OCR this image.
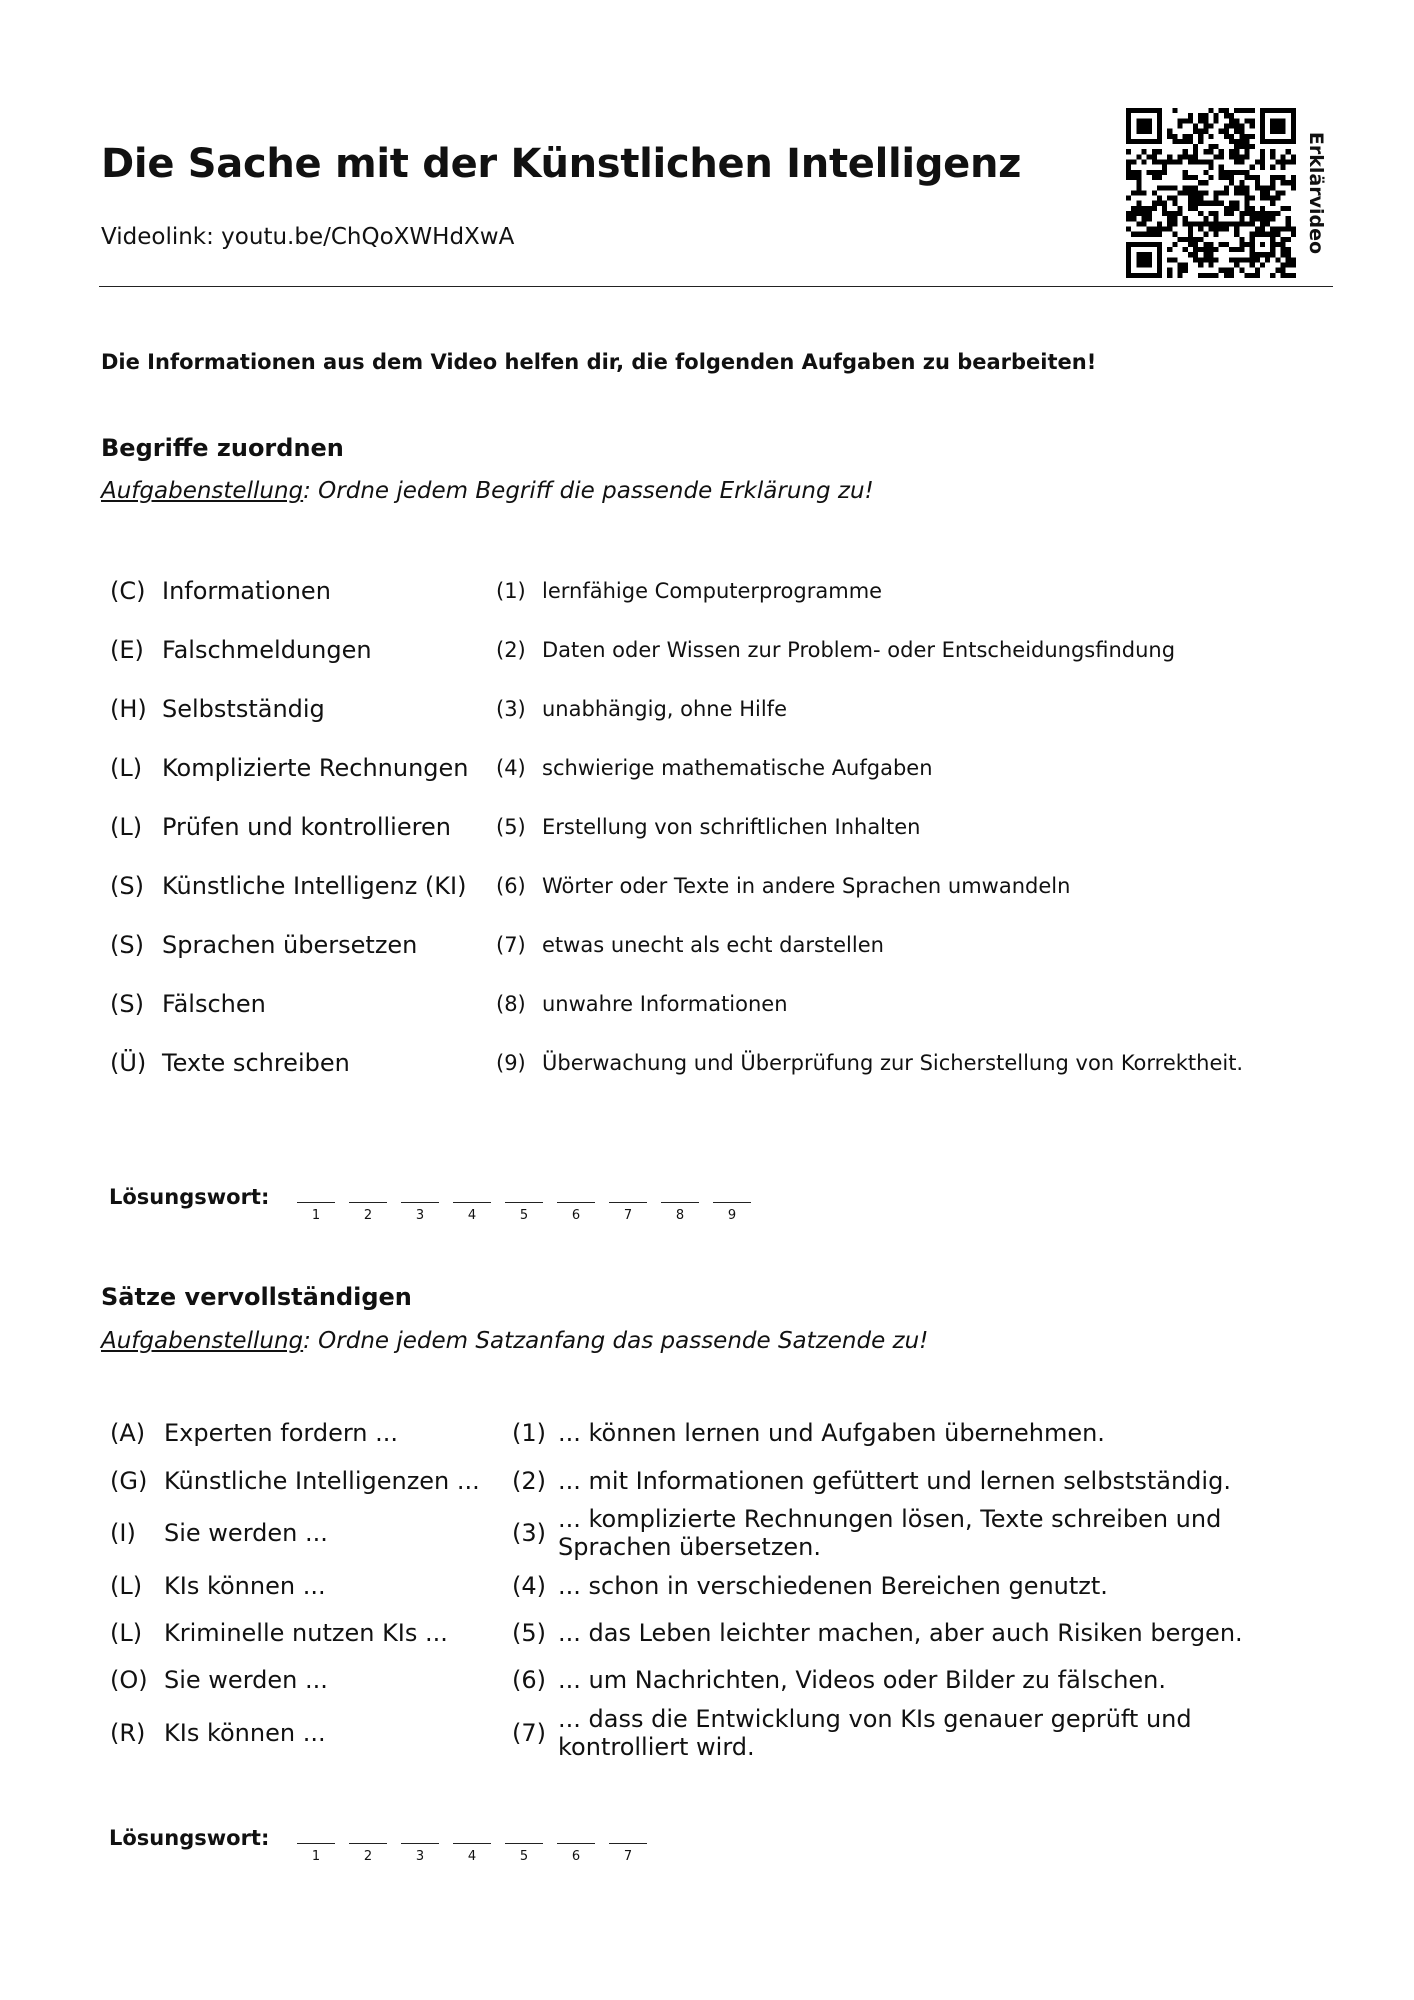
Die Sache mit der Künstlichen Intelligenz
Videolink: youtu.be/ChQoXWHdXwA	Erklärvideo
Die Informationen aus dem Video helfen dir, die folgenden Aufgaben zu bearbeiten!
Begriffe zuordnen
Aufgabenstellung: Ordne jedem Begriff die passende Erklärung zu!
(C) Informationen	(1) lernfähige Computerprogramme
(E) Falschmeldungen	(2) Daten oder Wissen zur Problem- oder Entscheidungsfindung
(H) Selbstständig	(3) unabhängig, ohne Hilfe
(L) Komplizierte Rechnungen (4) schwierige mathematische Aufgaben
(L) Prüfen und kontrollieren (5) Erstellung von schriftlichen Inhalten
(S) Künstliche Intelligenz (KI) (6) Wörter oder Texte in andere Sprachen umwandeln
(S) Sprachen übersetzen	(7) etwas unecht als echt darstellen
(S) Fälschen	(8) unwahre Informationen
(Ü) Texte schreiben	(9) Überwachung und Überprüfung zur Sicherstellung von Korrektheit.
Lösungswort:
1	2	3	4	5	6	7	8	9
Sätze vervollständigen
Aufgabenstellung: Ordne jedem Satzanfang das passende Satzende zu!
(A) Experten fordern ...	(1) ... können lernen und Aufgaben übernehmen.
(G) Künstliche Intelligenzen ... (2) ... mit Informationen gefüttert und lernen selbstständig.
(I) Sie werden ...	(3) ... komplizierte Rechnungen lösen, Texte schreiben und Sprachen übersetzen.
(L) KIs können ...	(4) ... schon in verschiedenen Bereichen genutzt.
(L) Kriminelle nutzen KIs ...	(5) ... das Leben leichter machen, aber auch Risiken bergen.
(O) Sie werden ...	(6) ... um Nachrichten, Videos oder Bilder zu fälschen.
(R) KIs können ...	(7) ... dass die Entwicklung von KIs genauer geprüft und kontrolliert wird.
Lösungswort:
1	2	3	4	5	6	7
